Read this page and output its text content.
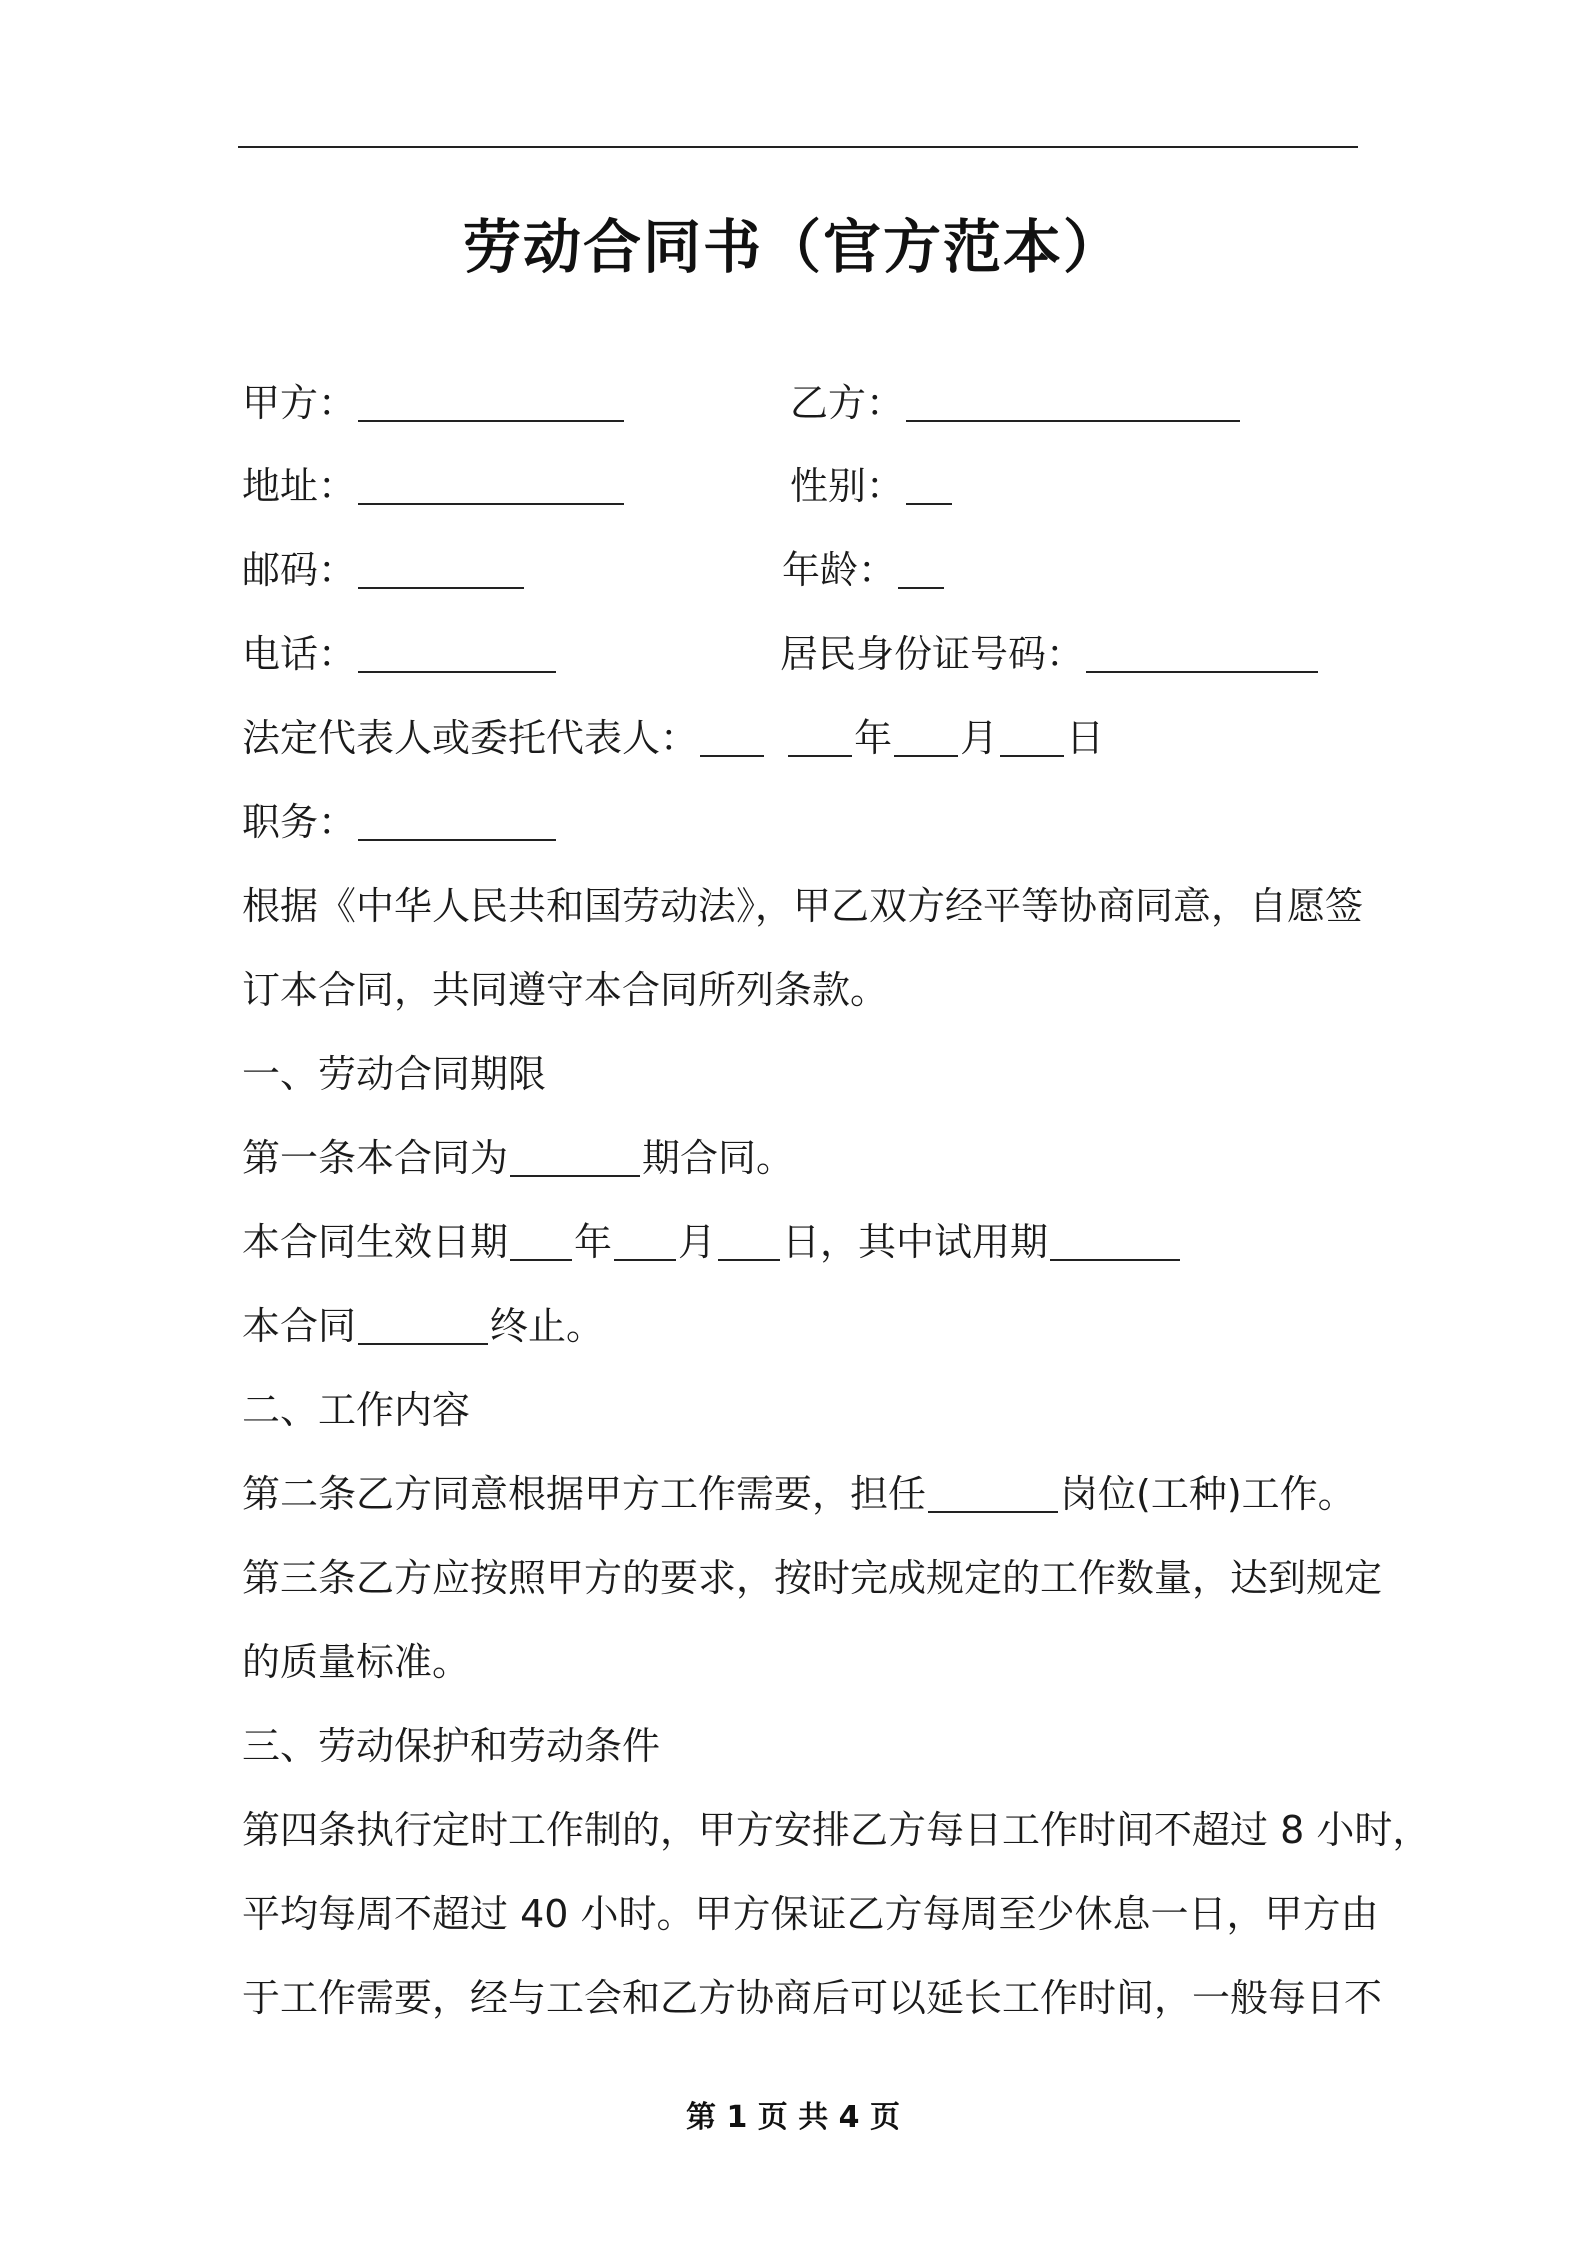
劳动合同书（官方范本）
甲方：	乙方：
地址：	性别：
邮码：	年龄：
电话：	居民身份证号码：
法定代表人或委托代表人：	年 月 日
职务：
根据《中华人民共和国劳动法》，甲乙双方经平等协商同意，自愿签
订本合同，共同遵守本合同所列条款。
一、劳动合同期限
第一条本合同为	期合同。
本合同生效日期 年 月 日，其中试用期
本合同	终止。
二、工作内容
第二条乙方同意根据甲方工作需要，担任	岗位(工种)工作。
第三条乙方应按照甲方的要求，按时完成规定的工作数量，达到规定
的质量标准。
三、劳动保护和劳动条件
第四条执行定时工作制的，甲方安排乙方每日工作时间不超过 8 小时，
平均每周不超过 40 小时。甲方保证乙方每周至少休息一日，甲方由
于工作需要，经与工会和乙方协商后可以延长工作时间，一般每日不
第 1 页 共 4 页
